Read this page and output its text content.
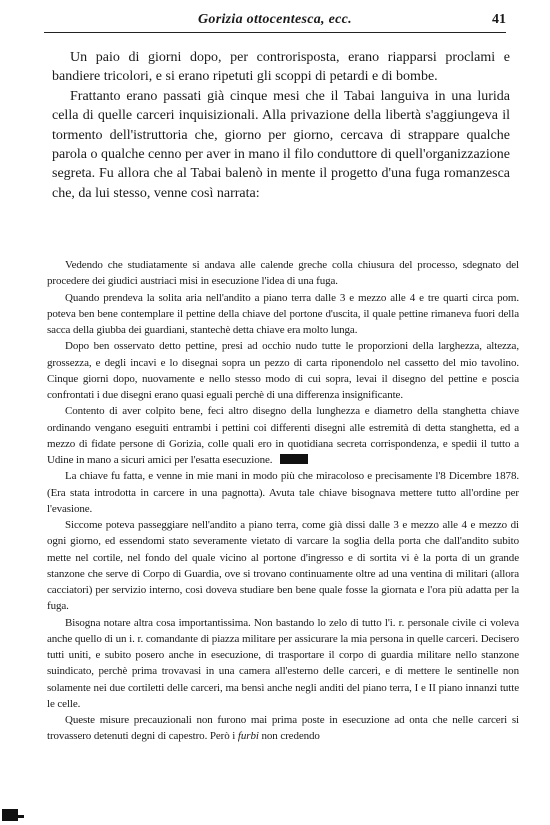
Gorizia ottocentesca, ecc.	41

Un paio di giorni dopo, per controrisposta, erano riapparsi proclami e bandiere tricolori, e si erano ripetuti gli scoppi di petardi e di bombe.

Frattanto erano passati già cinque mesi che il Tabai languiva in una lurida cella di quelle carceri inquisizionali. Alla privazione della libertà s'aggiungeva il tormento dell'istruttoria che, giorno per giorno, cercava di strappare qualche parola o qualche cenno per aver in mano il filo conduttore di quell'organizzazione segreta. Fu allora che al Tabai balenò in mente il progetto d'una fuga romanzesca che, da lui stesso, venne così narrata:

Vedendo che studiatamente si andava alle calende greche colla chiusura del processo, sdegnato del procedere dei giudici austriaci misi in esecuzione l'idea di una fuga.

Quando prendeva la solita aria nell'andito a piano terra dalle 3 e mezzo alle 4 e tre quarti circa pom. poteva ben bene contemplare il pettine della chiave del portone d'uscita, il quale pettine rimaneva fuori della sacca della giubba dei guardiani, stantechè detta chiave era molto lunga.

Dopo ben osservato detto pettine, presi ad occhio nudo tutte le proporzioni della larghezza, altezza, grossezza, e degli incavi e lo disegnai sopra un pezzo di carta riponendolo nel cassetto del mio tavolino. Cinque giorni dopo, nuovamente e nello stesso modo di cui sopra, levai il disegno del pettine e poscia confrontati i due disegni erano quasi eguali perchè di una differenza insignificante.

Contento di aver colpito bene, feci altro disegno della lunghezza e diametro della stanghetta chiave ordinando vengano eseguiti entrambi i pettini coi differenti disegni alle estremità di detta stanghetta, ed a mezzo di fidate persone di Gorizia, colle quali ero in quotidiana secreta corrispondenza, e spedii il tutto a Udine in mano a sicuri amici per l'esatta esecuzione.

La chiave fu fatta, e venne in mie mani in modo più che miracoloso e precisamente l'8 Dicembre 1878. (Era stata introdotta in carcere in una pagnotta). Avuta tale chiave bisognava mettere tutto all'ordine per l'evasione.

Siccome poteva passeggiare nell'andito a piano terra, come già dissi dalle 3 e mezzo alle 4 e mezzo di ogni giorno, ed essendomi stato severamente vietato di varcare la soglia della porta che dall'andito subito mette nel cortile, nel fondo del quale vicino al portone d'ingresso e di sortita vi è la porta di un grande stanzone che serve di Corpo di Guardia, ove si trovano continuamente oltre ad una ventina di militari (allora cacciatori) per servizio interno, così doveva studiare ben bene quale fosse la giornata e l'ora più adatta per la fuga.

Bisogna notare altra cosa importantissima. Non bastando lo zelo di tutto l'i. r. personale civile ci voleva anche quello di un i. r. comandante di piazza militare per assicurare la mia persona in quelle carceri. Decisero tutti uniti, e subito posero anche in esecuzione, di trasportare il corpo di guardia militare nello stanzone suindicato, perchè prima trovavasi in una camera all'esterno delle carceri, e di mettere le sentinelle non solamente nei due cortiletti delle carceri, ma bensì anche negli anditi del piano terra, I e II piano innanzi tutte le celle.

Queste misure precauzionali non furono mai prima poste in esecuzione ad onta che nelle carceri si trovassero detenuti degni di capestro. Però i furbi non credendo
